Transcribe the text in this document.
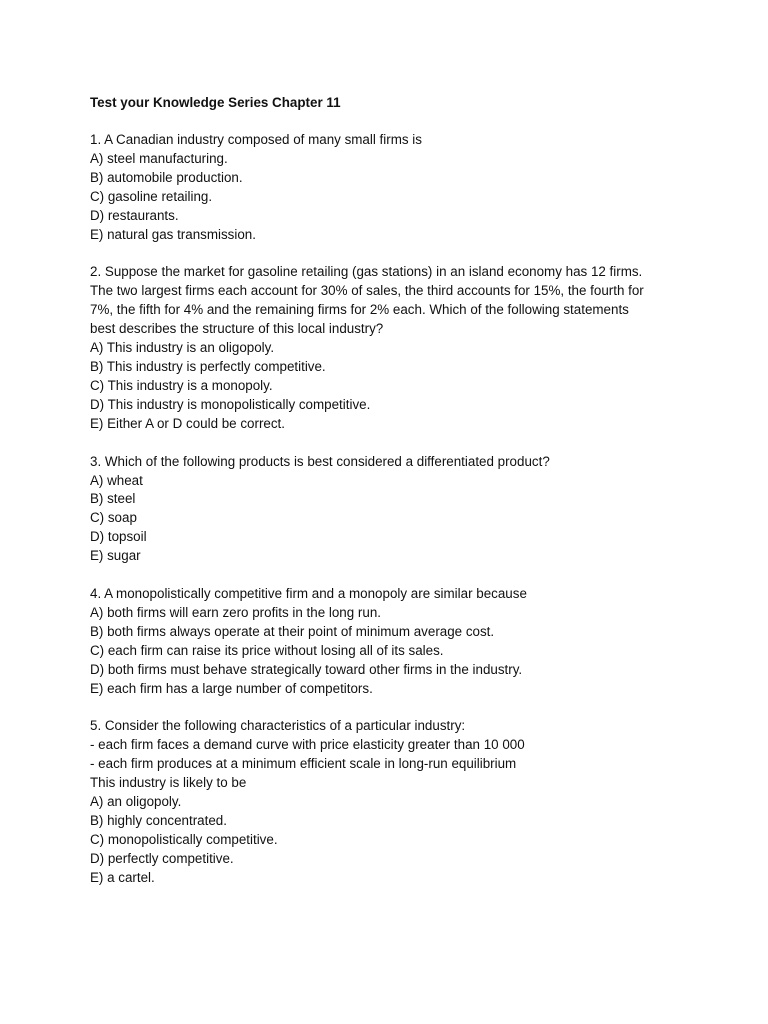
Test your Knowledge Series Chapter 11

1. A Canadian industry composed of many small firms is

A) steel manufacturing.

B) automobile production.

C) gasoline retailing.

D) restaurants.

E) natural gas transmission.

2. Suppose the market for gasoline retailing (gas stations) in an island economy has 12 firms.

The two largest firms each account for 30% of sales, the third accounts for 15%, the fourth for

7%, the fifth for 4% and the remaining firms for 2% each. Which of the following statements

best describes the structure of this local industry?

A) This industry is an oligopoly.

B) This industry is perfectly competitive.

C) This industry is a monopoly.

D) This industry is monopolistically competitive.

E) Either A or D could be correct.

3. Which of the following products is best considered a differentiated product?

A) wheat

B) steel

C) soap

D) topsoil

E) sugar

4. A monopolistically competitive firm and a monopoly are similar because

A) both firms will earn zero profits in the long run.

B) both firms always operate at their point of minimum average cost.

C) each firm can raise its price without losing all of its sales.

D) both firms must behave strategically toward other firms in the industry.

E) each firm has a large number of competitors.

5. Consider the following characteristics of a particular industry:

- each firm faces a demand curve with price elasticity greater than 10 000

- each firm produces at a minimum efficient scale in long-run equilibrium

This industry is likely to be

A) an oligopoly.

B) highly concentrated.

C) monopolistically competitive.

D) perfectly competitive.

E) a cartel.
